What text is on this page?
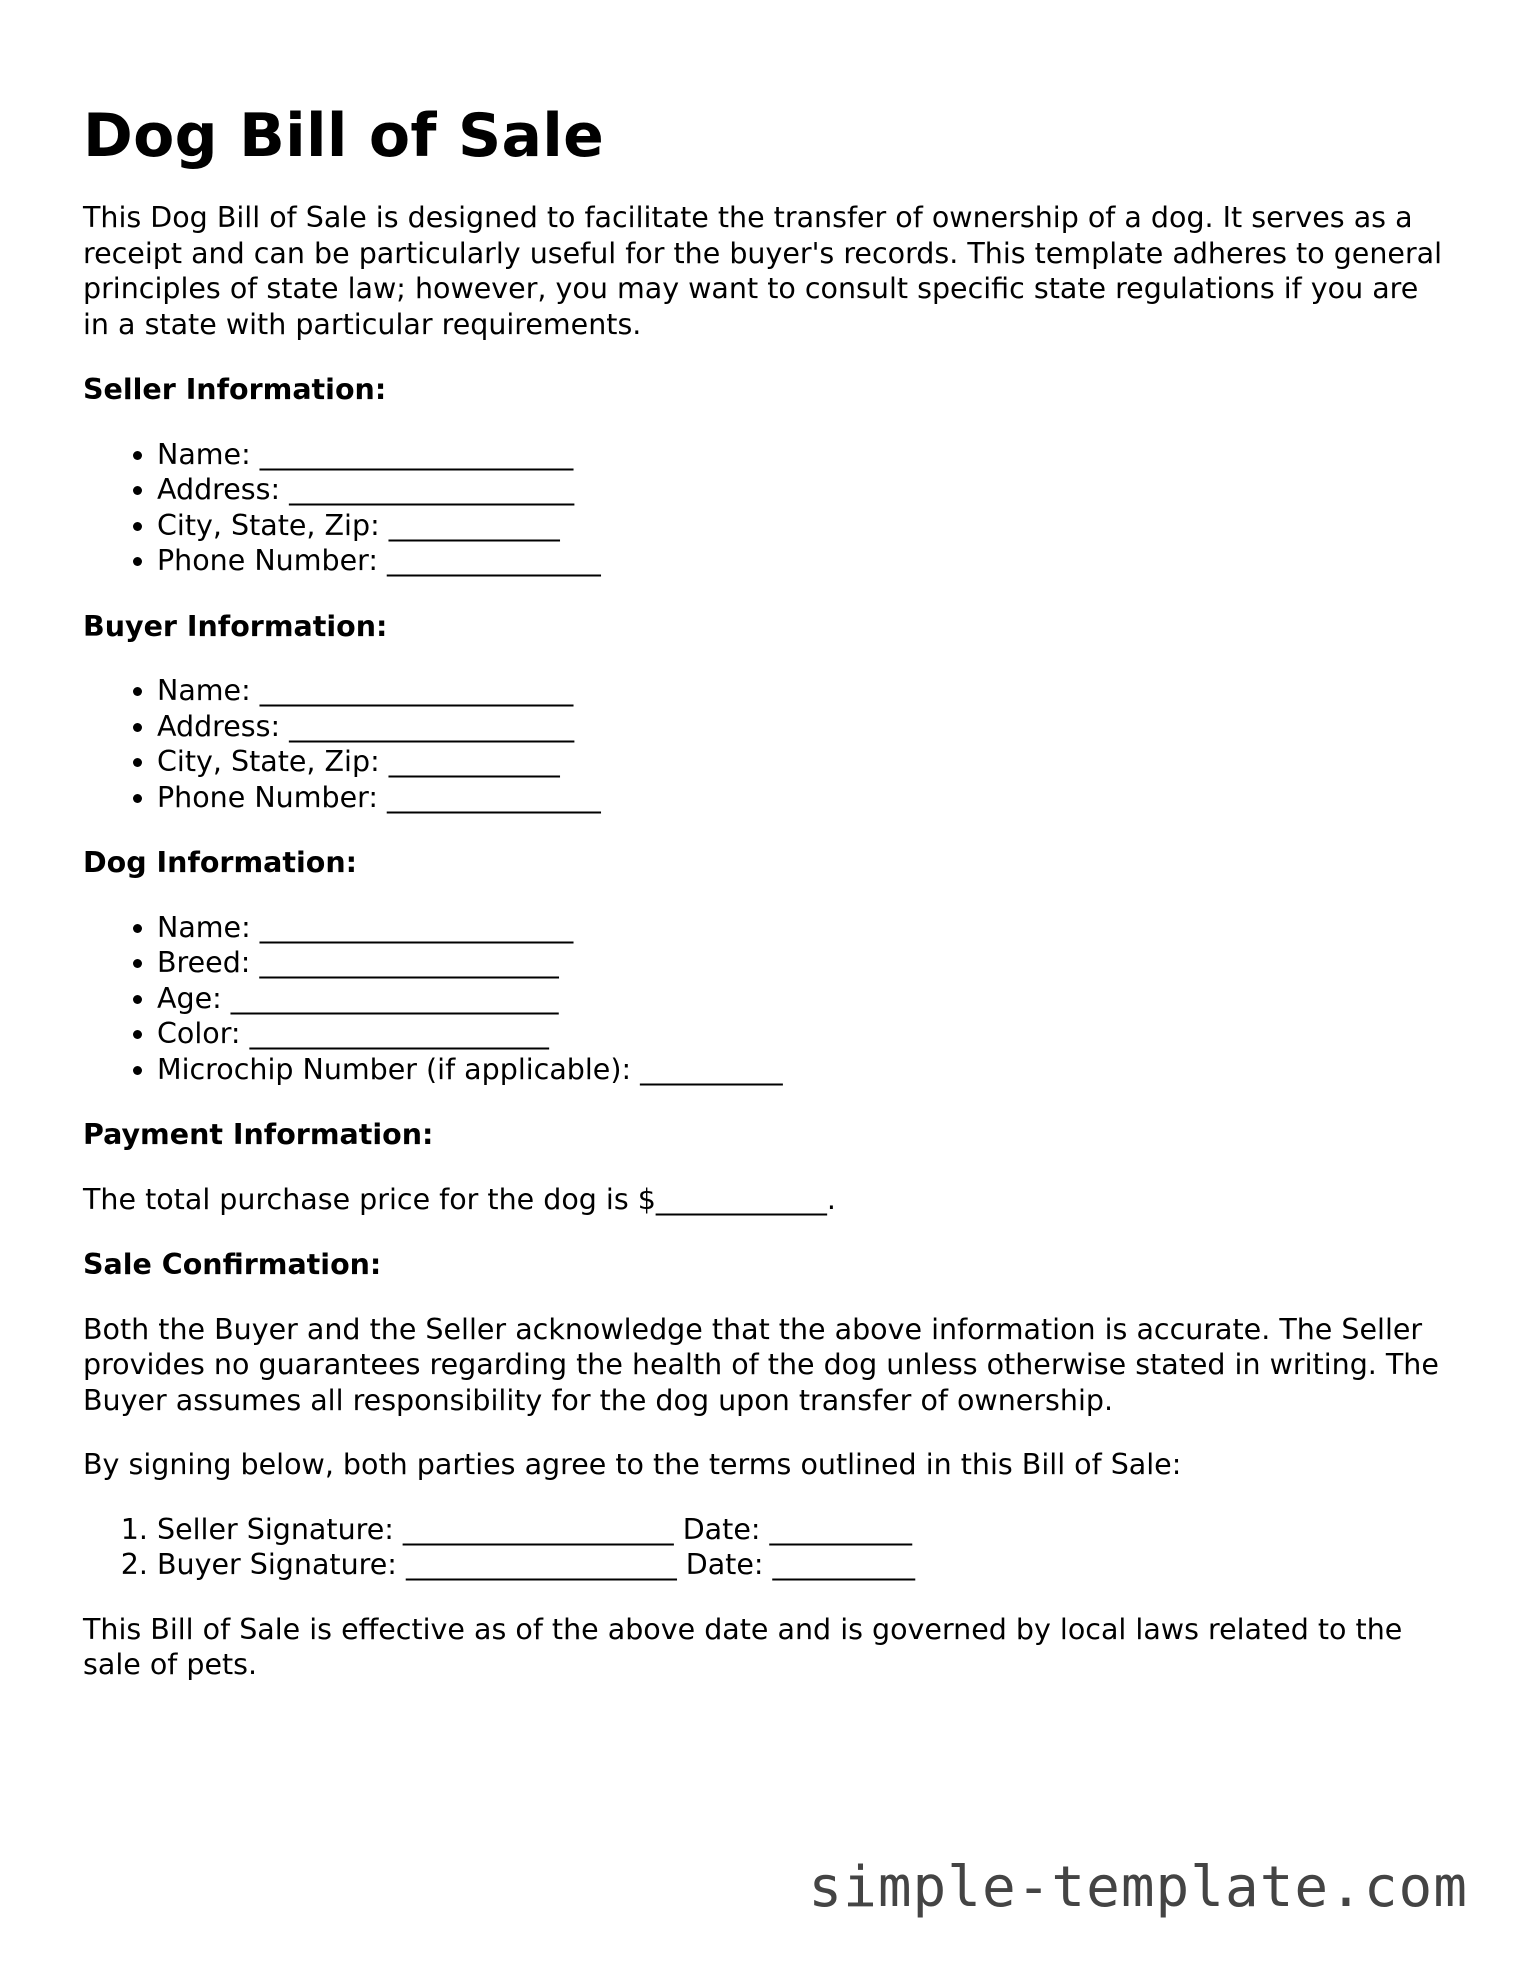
Dog Bill of Sale

This Dog Bill of Sale is designed to facilitate the transfer of ownership of a dog. It serves as a receipt and can be particularly useful for the buyer's records. This template adheres to general principles of state law; however, you may want to consult specific state regulations if you are in a state with particular requirements.

Seller Information:
• Name: ______________________
• Address: ____________________
• City, State, Zip: ____________
• Phone Number: _______________
Buyer Information:
• Name: ______________________
• Address: ____________________
• City, State, Zip: ____________
• Phone Number: _______________
Dog Information:
• Name: ______________________
• Breed: _____________________
• Age: _______________________
• Color: _____________________
• Microchip Number (if applicable): __________
Payment Information:

The total purchase price for the dog is $____________.

Sale Confirmation:

Both the Buyer and the Seller acknowledge that the above information is accurate. The Seller provides no guarantees regarding the health of the dog unless otherwise stated in writing. The Buyer assumes all responsibility for the dog upon transfer of ownership.

By signing below, both parties agree to the terms outlined in this Bill of Sale:

1. Seller Signature: ___________________ Date: __________
2. Buyer Signature: ___________________ Date: __________

This Bill of Sale is effective as of the above date and is governed by local laws related to the sale of pets.

simple-template.com
